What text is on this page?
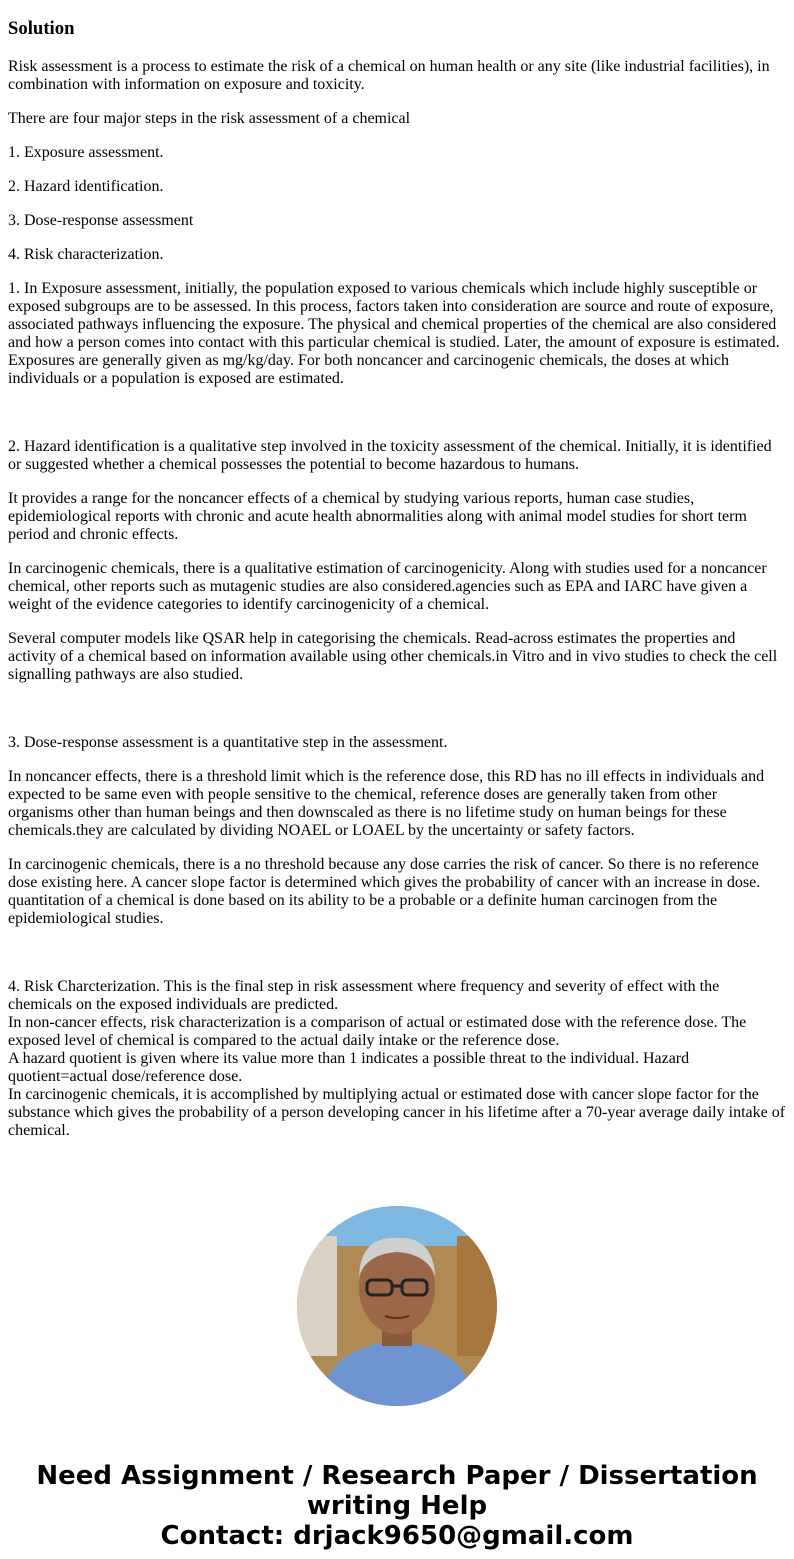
Solution

Risk assessment is a process to estimate the risk of a chemical on human health or any site (like industrial facilities), in combination with information on exposure and toxicity.

There are four major steps in the risk assessment of a chemical

1. Exposure assessment.

2. Hazard identification.

3. Dose-response assessment

4. Risk characterization.

1. In Exposure assessment, initially, the population exposed to various chemicals which include highly susceptible or exposed subgroups are to be assessed. In this process, factors taken into consideration are source and route of exposure, associated pathways influencing the exposure. The physical and chemical properties of the chemical are also considered and how a person comes into contact with this particular chemical is studied. Later, the amount of exposure is estimated. Exposures are generally given as mg/kg/day. For both noncancer and carcinogenic chemicals, the doses at which individuals or a population is exposed are estimated.

2. Hazard identification is a qualitative step involved in the toxicity assessment of the chemical. Initially, it is identified or suggested whether a chemical possesses the potential to become hazardous to humans.

It provides a range for the noncancer effects of a chemical by studying various reports, human case studies, epidemiological reports with chronic and acute health abnormalities along with animal model studies for short term period and chronic effects.

In carcinogenic chemicals, there is a qualitative estimation of carcinogenicity. Along with studies used for a noncancer chemical, other reports such as mutagenic studies are also considered.agencies such as EPA and IARC have given a weight of the evidence categories to identify carcinogenicity of a chemical.

Several computer models like QSAR help in categorising the chemicals. Read-across estimates the properties and activity of a chemical based on information available using other chemicals.in Vitro and in vivo studies to check the cell signalling pathways are also studied.

3. Dose-response assessment is a quantitative step in the assessment.

In noncancer effects, there is a threshold limit which is the reference dose, this RD has no ill effects in individuals and expected to be same even with people sensitive to the chemical, reference doses are generally taken from other organisms other than human beings and then downscaled as there is no lifetime study on human beings for these chemicals.they are calculated by dividing NOAEL or LOAEL by the uncertainty or safety factors.

In carcinogenic chemicals, there is a no threshold because any dose carries the risk of cancer. So there is no reference dose existing here. A cancer slope factor is determined which gives the probability of cancer with an increase in dose. quantitation of a chemical is done based on its ability to be a probable or a definite human carcinogen from the epidemiological studies.

4. Risk Charcterization. This is the final step in risk assessment where frequency and severity of effect with the chemicals on the exposed individuals are predicted.
In non-cancer effects, risk characterization is a comparison of actual or estimated dose with the reference dose. The exposed level of chemical is compared to the actual daily intake or the reference dose.
A hazard quotient is given where its value more than 1 indicates a possible threat to the individual. Hazard quotient=actual dose/reference dose.
In carcinogenic chemicals, it is accomplished by multiplying actual or estimated dose with cancer slope factor for the substance which gives the probability of a person developing cancer in his lifetime after a 70-year average daily intake of chemical.

Need Assignment / Research Paper / Dissertation writing Help
Contact: drjack9650@gmail.com
